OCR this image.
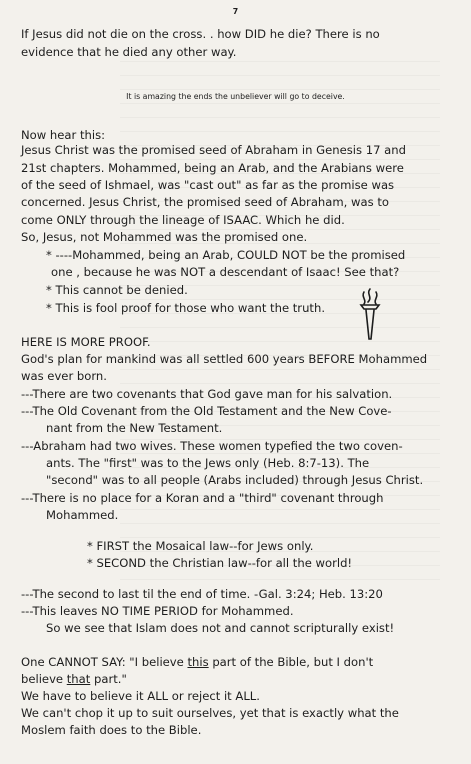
7
If Jesus did not die on the cross. . how DID he die? There is no
evidence that he died any other way.
It is amazing the ends the unbeliever will go to deceive.
Now hear this:
Jesus Christ was the promised seed of Abraham in Genesis 17 and
21st chapters. Mohammed, being an Arab, and the Arabians were
of the seed of Ishmael, was "cast out" as far as the promise was
concerned. Jesus Christ, the promised seed of Abraham, was to
come ONLY through the lineage of ISAAC. Which he did.
So, Jesus, not Mohammed was the promised one.
* ----Mohammed, being an Arab, COULD NOT be the promised
one , because he was NOT a descendant of Isaac! See that?
* This cannot be denied.
* This is fool proof for those who want the truth.
HERE IS MORE PROOF.
God's plan for mankind was all settled 600 years BEFORE Mohammed
was ever born.
---There are two covenants that God gave man for his salvation.
---The Old Covenant from the Old Testament and the New Cove-
nant from the New Testament.
---Abraham had two wives. These women typefied the two coven-
ants. The "first" was to the Jews only (Heb. 8:7-13). The
"second" was to all people (Arabs included) through Jesus Christ.
---There is no place for a Koran and a "third" covenant through
Mohammed.
* FIRST the Mosaical law--for Jews only.
* SECOND the Christian law--for all the world!
---The second to last til the end of time. -Gal. 3:24; Heb. 13:20
---This leaves NO TIME PERIOD for Mohammed.
So we see that Islam does not and cannot scripturally exist!
One CANNOT SAY: "I believe this part of the Bible, but I don't
believe that part."
We have to believe it ALL or reject it ALL.
We can't chop it up to suit ourselves, yet that is exactly what the
Moslem faith does to the Bible.
